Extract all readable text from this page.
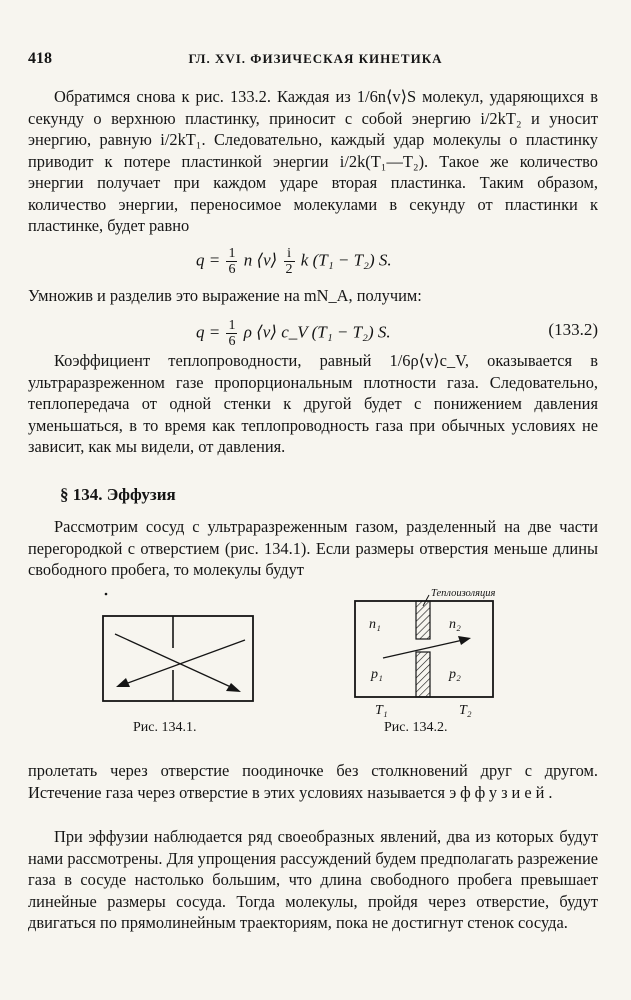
418	ГЛ. XVI. ФИЗИЧЕСКАЯ КИНЕТИКА

Обратимся снова к рис. 133.2. Каждая из 1/6n⟨v⟩S молекул, ударяющихся в секунду о верхнюю пластинку, приносит с собой энергию i/2kT₂ и уносит энергию, равную i/2kT₁. Следовательно, каждый удар молекулы о пластинку приводит к потере пластинкой энергии i/2k(T₁—T₂). Такое же количество энергии получает при каждом ударе вторая пластинка. Таким образом, количество энергии, переносимое молекулами в секунду от пластинки к пластинке, будет равно

$q = \frac{1}{6}$ n ⟨v⟩ $\frac{i}{2}$ k (T₁ − T₂) S.

Умножив и разделив это выражение на mN_A, получим:

$q = \frac{1}{6}$ ρ ⟨v⟩ c_V (T₁ − T₂) S.	(133.2)

Коэффициент теплопроводности, равный 1/6ρ⟨v⟩c_V, оказывается в ультраразреженном газе пропорциональным плотности газа. Следовательно, теплопередача от одной стенки к другой будет с понижением давления уменьшаться, в то время как теплопроводность газа при обычных условиях не зависит, как мы видели, от давления.

§ 134. Эффузия

Рассмотрим сосуд с ультраразреженным газом, разделенный на две части перегородкой с отверстием (рис. 134.1). Если размеры отверстия меньше длины свободного пробега, то молекулы будут

Рис. 134.1.
Теплоизоляция
n₁	n₂
p₁	p₂
T₁	T₂
Рис. 134.2.

пролетать через отверстие поодиночке без столкновений друг с другом. Истечение газа через отверстие в этих условиях называется эффузией.

При эффузии наблюдается ряд своеобразных явлений, два из которых будут нами рассмотрены. Для упрощения рассуждений будем предполагать разрежение газа в сосуде настолько большим, что длина свободного пробега превышает линейные размеры сосуда. Тогда молекулы, пройдя через отверстие, будут двигаться по прямолинейным траекториям, пока не достигнут стенок сосуда.
